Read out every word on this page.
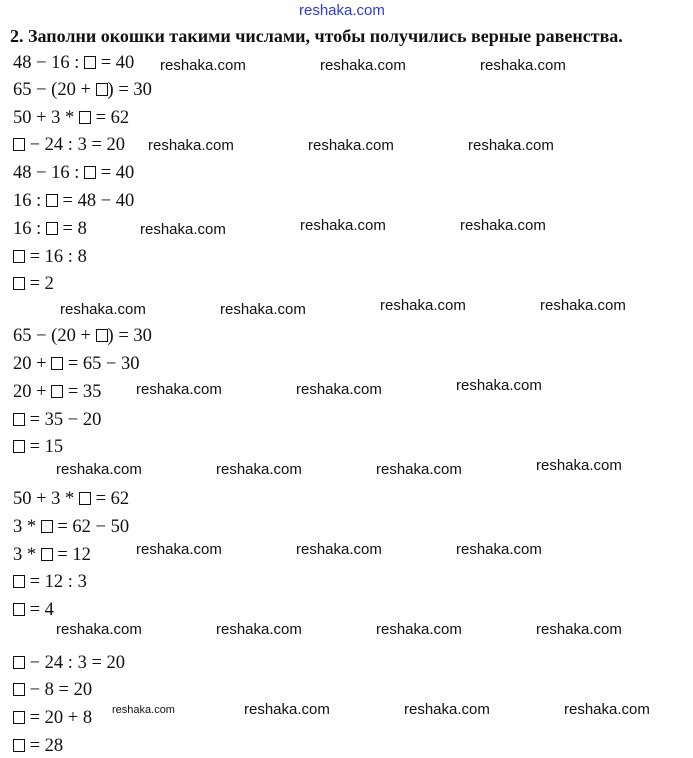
reshaka.com
2. Заполни окошки такими числами, чтобы получились верные равенства.
48 − 16 :  = 40
65 − (20 + ) = 30
50 + 3 *  = 62
− 24 : 3 = 20
48 − 16 :  = 40
16 :  = 48 − 40
16 :  = 8
= 16 : 8
= 2
65 − (20 + ) = 30
20 +  = 65 − 30
20 +  = 35
= 35 − 20
= 15
50 + 3 *  = 62
3 *  = 62 − 50
3 *  = 12
= 12 : 3
= 4
− 24 : 3 = 20
− 8 = 20
= 20 + 8
= 28
reshaka.com	reshaka.com	reshaka.com
reshaka.com	reshaka.com	reshaka.com
reshaka.com	reshaka.com	reshaka.com
reshaka.com	reshaka.com	reshaka.com	reshaka.com
reshaka.com	reshaka.com	reshaka.com
reshaka.com	reshaka.com	reshaka.com	reshaka.com
reshaka.com	reshaka.com	reshaka.com
reshaka.com	reshaka.com	reshaka.com	reshaka.com
reshaka.com	reshaka.com	reshaka.com	reshaka.com
